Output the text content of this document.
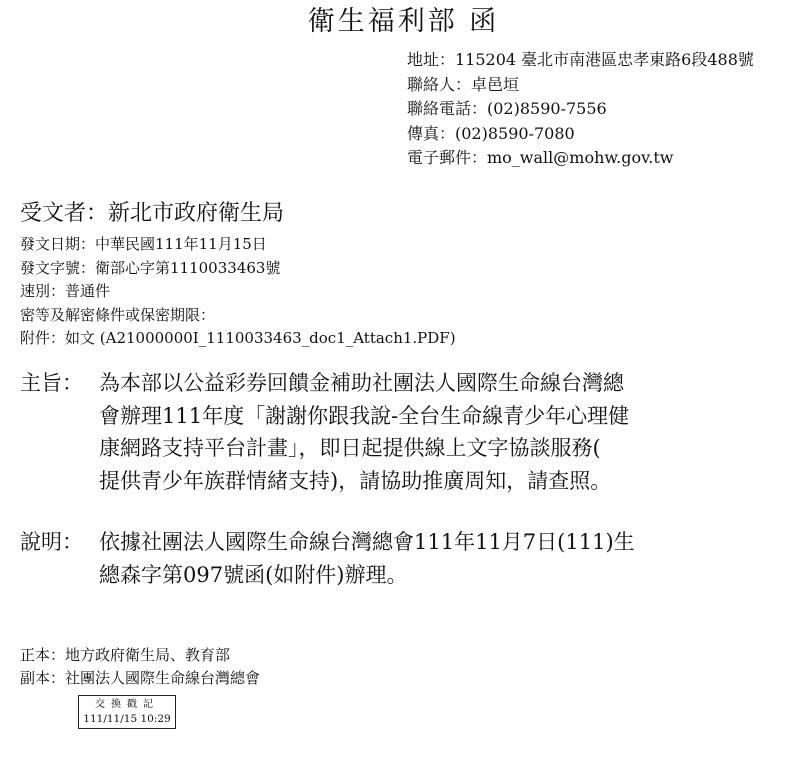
衛生福利部 函
地址：115204 臺北市南港區忠孝東路6段488號
聯絡人：卓邑垣
聯絡電話：(02)8590-7556
傳真：(02)8590-7080
電子郵件：mo_wall@mohw.gov.tw
受文者：新北市政府衛生局
發文日期：中華民國111年11月15日
發文字號：衛部心字第1110033463號
速別：普通件
密等及解密條件或保密期限：
附件：如文 (A21000000I_1110033463_doc1_Attach1.PDF)
主旨： 為本部以公益彩券回饋金補助社團法人國際生命線台灣總
會辦理111年度「謝謝你跟我說-全台生命線青少年心理健
康網路支持平台計畫」，即日起提供線上文字協談服務(
提供青少年族群情緒支持)，請協助推廣周知，請查照。
說明： 依據社團法人國際生命線台灣總會111年11月7日(111)生
總森字第097號函(如附件)辦理。
正本：地方政府衛生局、教育部
副本：社團法人國際生命線台灣總會
交換戳記
111/11/15 10:29
